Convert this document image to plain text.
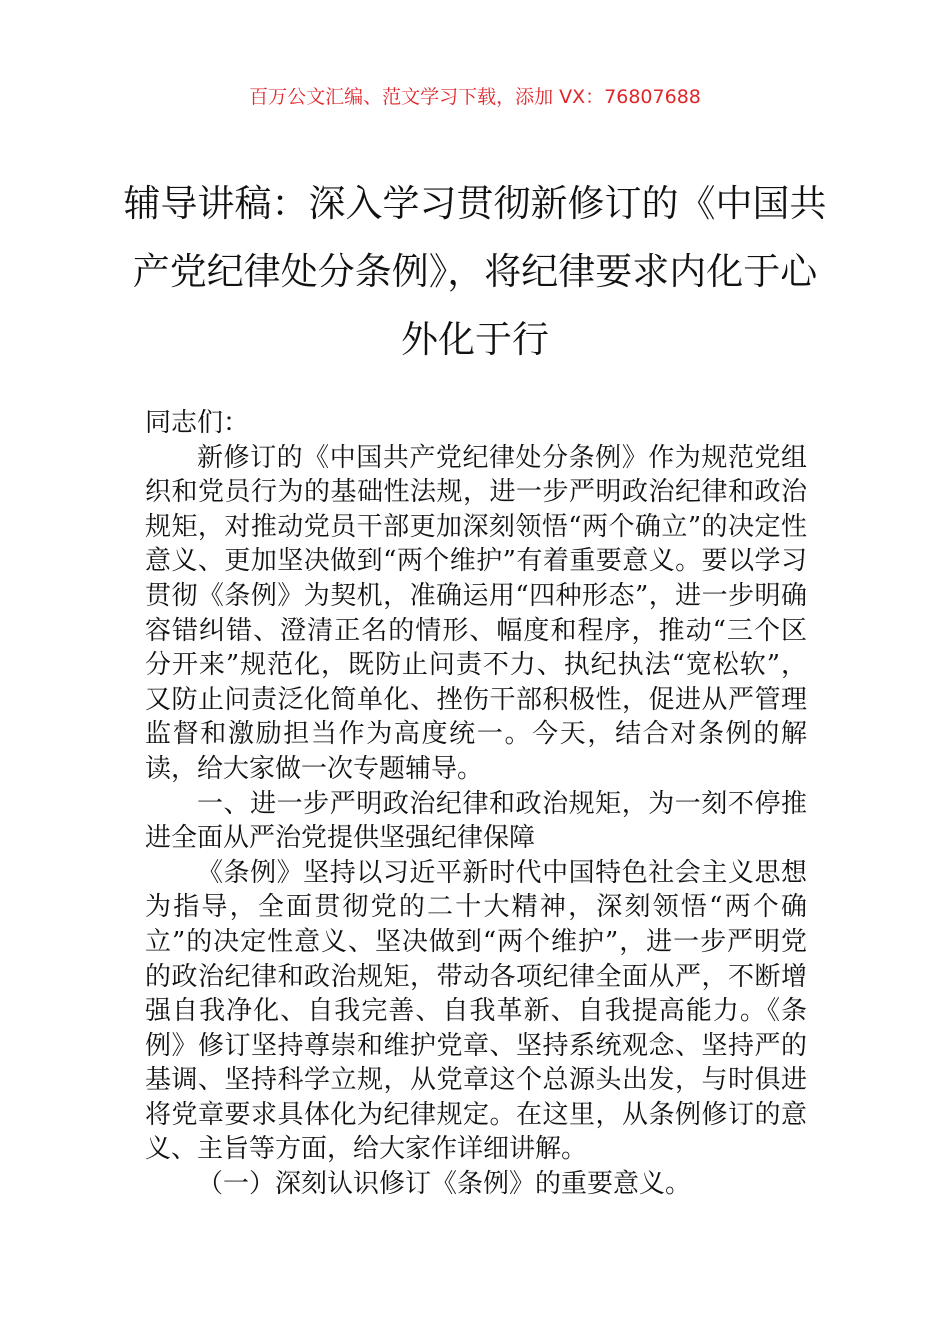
百万公文汇编、范文学习下载，添加 VX：76807688
辅导讲稿：深入学习贯彻新修订的《中国共产党纪律处分条例》，将纪律要求内化于心外化于行

同志们：

新修订的《中国共产党纪律处分条例》作为规范党组织和党员行为的基础性法规，进一步严明政治纪律和政治规矩，对推动党员干部更加深刻领悟“两个确立”的决定性意义、更加坚决做到“两个维护”有着重要意义。要以学习贯彻《条例》为契机，准确运用“四种形态”，进一步明确容错纠错、澄清正名的情形、幅度和程序，推动“三个区分开来”规范化，既防止问责不力、执纪执法“宽松软”，又防止问责泛化简单化、挫伤干部积极性，促进从严管理监督和激励担当作为高度统一。今天，结合对条例的解读，给大家做一次专题辅导。

一、进一步严明政治纪律和政治规矩，为一刻不停推进全面从严治党提供坚强纪律保障

《条例》坚持以习近平新时代中国特色社会主义思想为指导，全面贯彻党的二十大精神，深刻领悟“两个确立”的决定性意义、坚决做到“两个维护”，进一步严明党的政治纪律和政治规矩，带动各项纪律全面从严，不断增强自我净化、自我完善、自我革新、自我提高能力。《条例》修订坚持尊崇和维护党章、坚持系统观念、坚持严的基调、坚持科学立规，从党章这个总源头出发，与时俱进将党章要求具体化为纪律规定。在这里，从条例修订的意义、主旨等方面，给大家作详细讲解。

（一）深刻认识修订《条例》的重要意义。
